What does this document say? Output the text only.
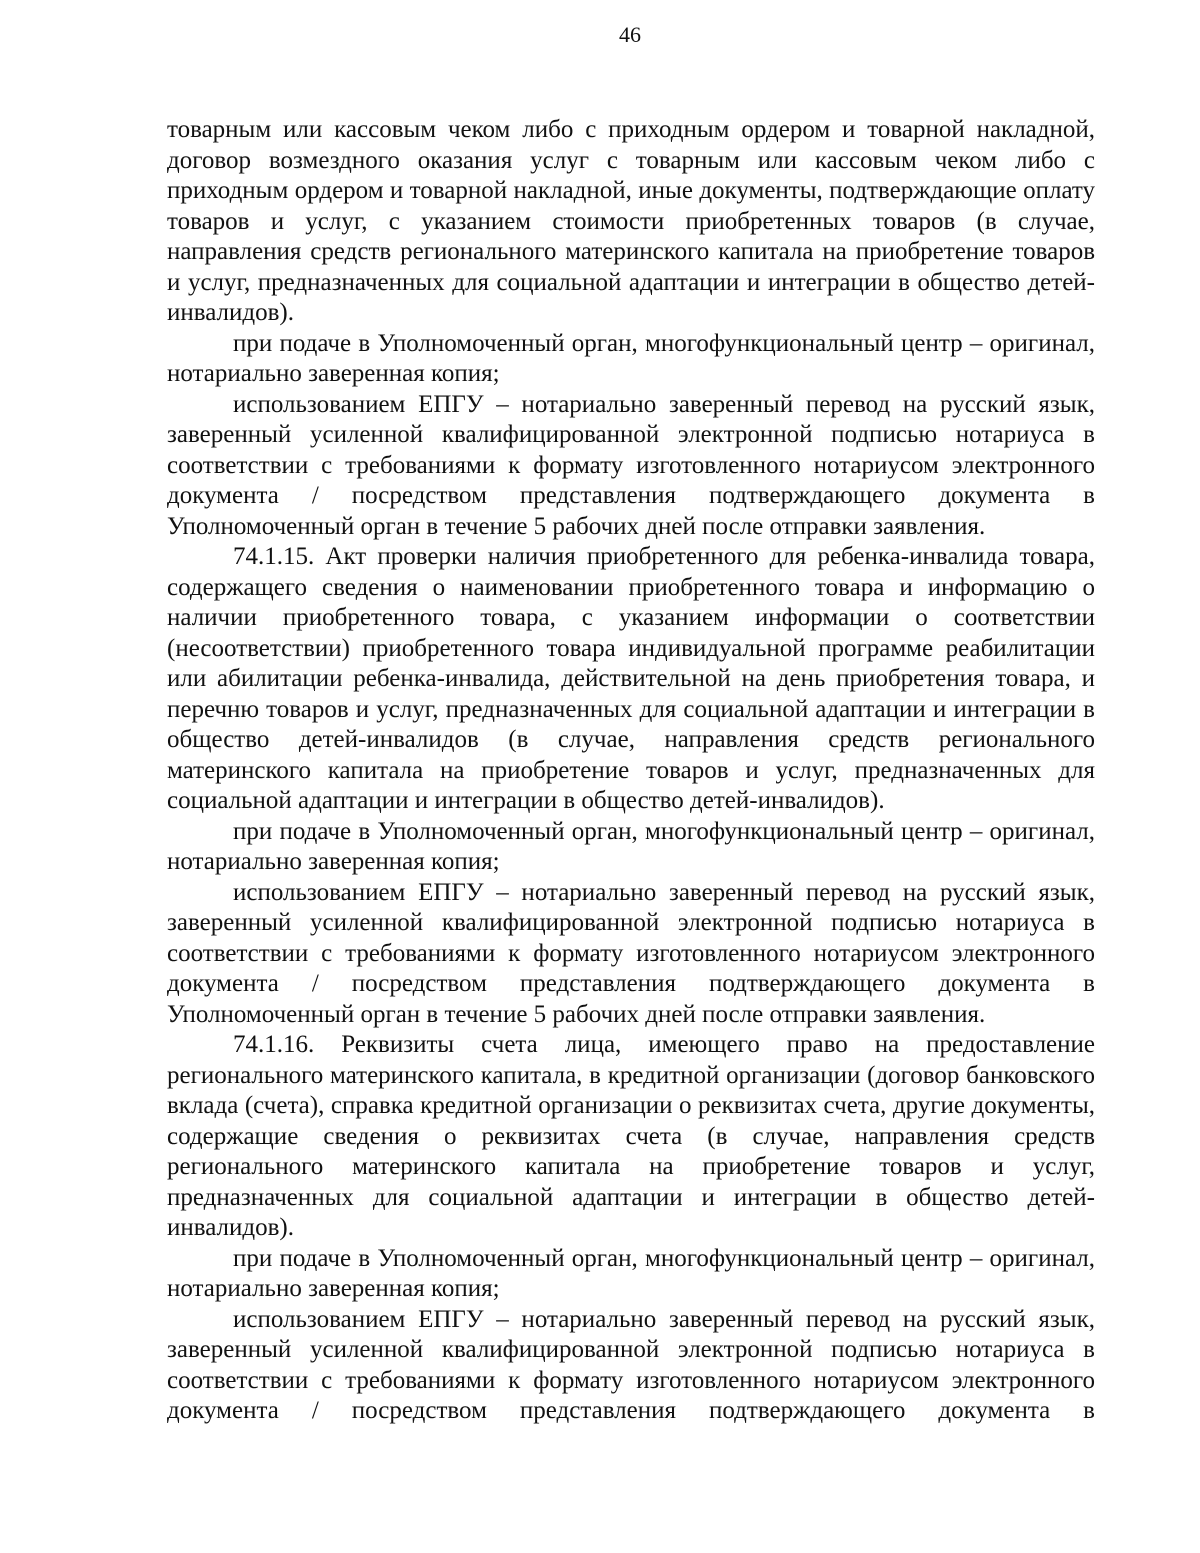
46

товарным или кассовым чеком либо с приходным ордером и товарной накладной, договор возмездного оказания услуг с товарным или кассовым чеком либо с приходным ордером и товарной накладной, иные документы, подтверждающие оплату товаров и услуг, с указанием стоимости приобретенных товаров (в случае, направления средств регионального материнского капитала на приобретение товаров и услуг, предназначенных для социальной адаптации и интеграции в общество детей-инвалидов).

при подаче в Уполномоченный орган, многофункциональный центр – оригинал, нотариально заверенная копия;

использованием ЕПГУ – нотариально заверенный перевод на русский язык, заверенный усиленной квалифицированной электронной подписью нотариуса в соответствии с требованиями к формату изготовленного нотариусом электронного документа / посредством представления подтверждающего документа в Уполномоченный орган в течение 5 рабочих дней после отправки заявления.

74.1.15. Акт проверки наличия приобретенного для ребенка-инвалида товара, содержащего сведения о наименовании приобретенного товара и информацию о наличии приобретенного товара, с указанием информации о соответствии (несоответствии) приобретенного товара индивидуальной программе реабилитации или абилитации ребенка-инвалида, действительной на день приобретения товара, и перечню товаров и услуг, предназначенных для социальной адаптации и интеграции в общество детей-инвалидов (в случае, направления средств регионального материнского капитала на приобретение товаров и услуг, предназначенных для социальной адаптации и интеграции в общество детей-инвалидов).

при подаче в Уполномоченный орган, многофункциональный центр – оригинал, нотариально заверенная копия;

использованием ЕПГУ – нотариально заверенный перевод на русский язык, заверенный усиленной квалифицированной электронной подписью нотариуса в соответствии с требованиями к формату изготовленного нотариусом электронного документа / посредством представления подтверждающего документа в Уполномоченный орган в течение 5 рабочих дней после отправки заявления.

74.1.16. Реквизиты счета лица, имеющего право на предоставление регионального материнского капитала, в кредитной организации (договор банковского вклада (счета), справка кредитной организации о реквизитах счета, другие документы, содержащие сведения о реквизитах счета (в случае, направления средств регионального материнского капитала на приобретение товаров и услуг, предназначенных для социальной адаптации и интеграции в общество детей-инвалидов).

при подаче в Уполномоченный орган, многофункциональный центр – оригинал, нотариально заверенная копия;

использованием ЕПГУ – нотариально заверенный перевод на русский язык, заверенный усиленной квалифицированной электронной подписью нотариуса в соответствии с требованиями к формату изготовленного нотариусом электронного документа / посредством представления подтверждающего документа в
